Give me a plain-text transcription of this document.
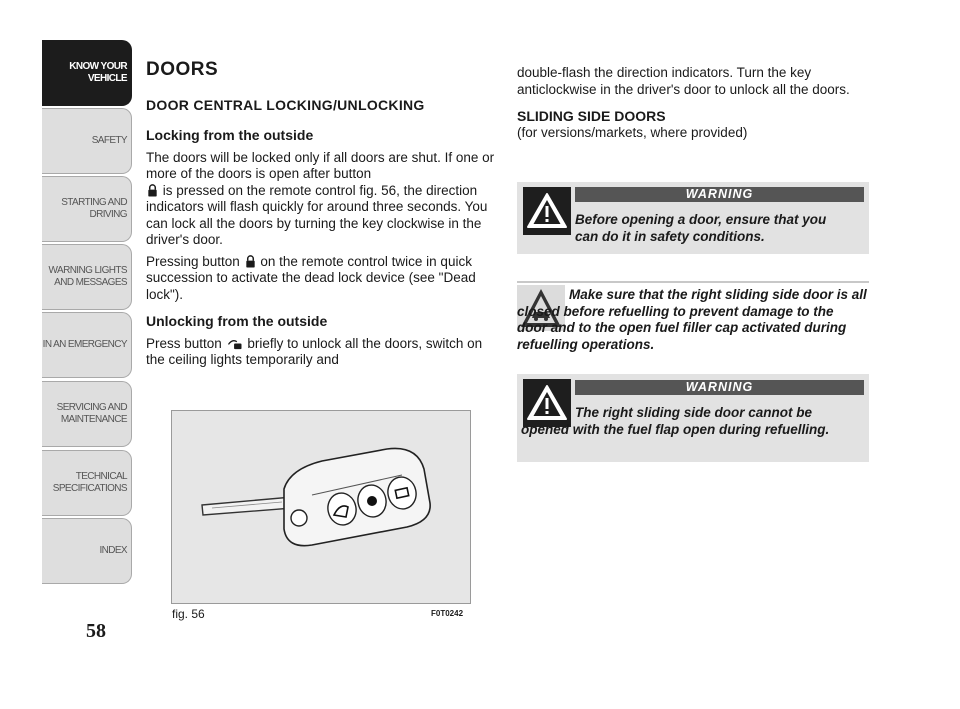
KNOW YOUR
VEHICLE
SAFETY
STARTING AND
DRIVING
WARNING LIGHTS
AND MESSAGES
IN AN EMERGENCY
SERVICING AND
MAINTENANCE
TECHNICAL
SPECIFICATIONS
INDEX
58
DOORS
DOOR CENTRAL LOCKING/UNLOCKING
Locking from the outside

The doors will be locked only if all doors are shut. If one or more of the doors is open after button
is pressed on the remote control fig. 56, the direction indicators will flash quickly for around three seconds. You can lock all the doors by turning the key clockwise in the driver's door.

Pressing button on the remote control twice in quick succession to activate the dead lock device (see "Dead lock").

Unlocking from the outside

Press button briefly to unlock all the doors, switch on the ceiling lights temporarily and

fig. 56	F0T0242

double-flash the direction indicators. Turn the key anticlockwise in the driver's door to unlock all the doors.

SLIDING SIDE DOORS
(for versions/markets, where provided)
WARNING
Before opening a door, ensure that you can do it in safety conditions.
Make sure that the right sliding side door is all closed before refuelling to prevent damage to the door and to the open fuel filler cap activated during refuelling operations.
WARNING
The right sliding side door cannot be opened with the fuel flap open during refuelling.
